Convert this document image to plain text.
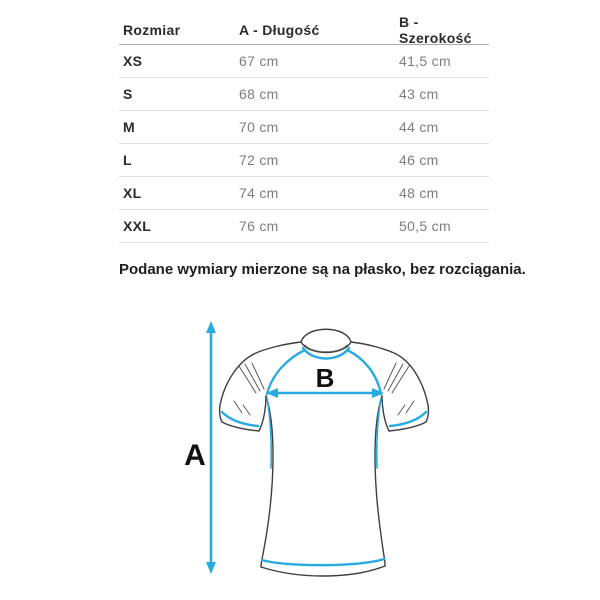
Rozmiar	A - Długość	B - Szerokość
XS	67 cm	41,5 cm
S	68 cm	43 cm
M	70 cm	44 cm
L	72 cm	46 cm
XL	74 cm	48 cm
XXL	76 cm	50,5 cm

Podane wymiary mierzone są na płasko, bez rozciągania.

A
B
